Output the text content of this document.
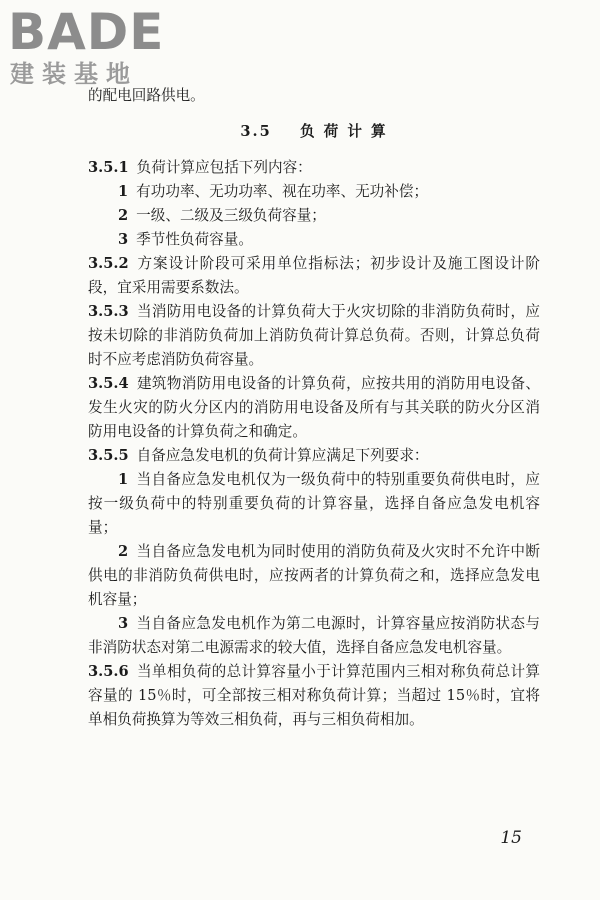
BADE
建装基地
的配电回路供电。
3.5 负 荷 计 算

3.5.1 负荷计算应包括下列内容：

1 有功功率、无功功率、视在功率、无功补偿；

2 一级、二级及三级负荷容量；

3 季节性负荷容量。

3.5.2 方案设计阶段可采用单位指标法；初步设计及施工图设计阶段，宜采用需要系数法。

3.5.3 当消防用电设备的计算负荷大于火灾切除的非消防负荷时，应按未切除的非消防负荷加上消防负荷计算总负荷。否则，计算总负荷时不应考虑消防负荷容量。

3.5.4 建筑物消防用电设备的计算负荷，应按共用的消防用电设备、发生火灾的防火分区内的消防用电设备及所有与其关联的防火分区消防用电设备的计算负荷之和确定。

3.5.5 自备应急发电机的负荷计算应满足下列要求：

1 当自备应急发电机仅为一级负荷中的特别重要负荷供电时，应按一级负荷中的特别重要负荷的计算容量，选择自备应急发电机容量；

2 当自备应急发电机为同时使用的消防负荷及火灾时不允许中断供电的非消防负荷供电时，应按两者的计算负荷之和，选择应急发电机容量；

3 当自备应急发电机作为第二电源时，计算容量应按消防状态与非消防状态对第二电源需求的较大值，选择自备应急发电机容量。

3.5.6 当单相负荷的总计算容量小于计算范围内三相对称负荷总计算容量的 15％时，可全部按三相对称负荷计算；当超过 15％时，宜将单相负荷换算为等效三相负荷，再与三相负荷相加。

15
